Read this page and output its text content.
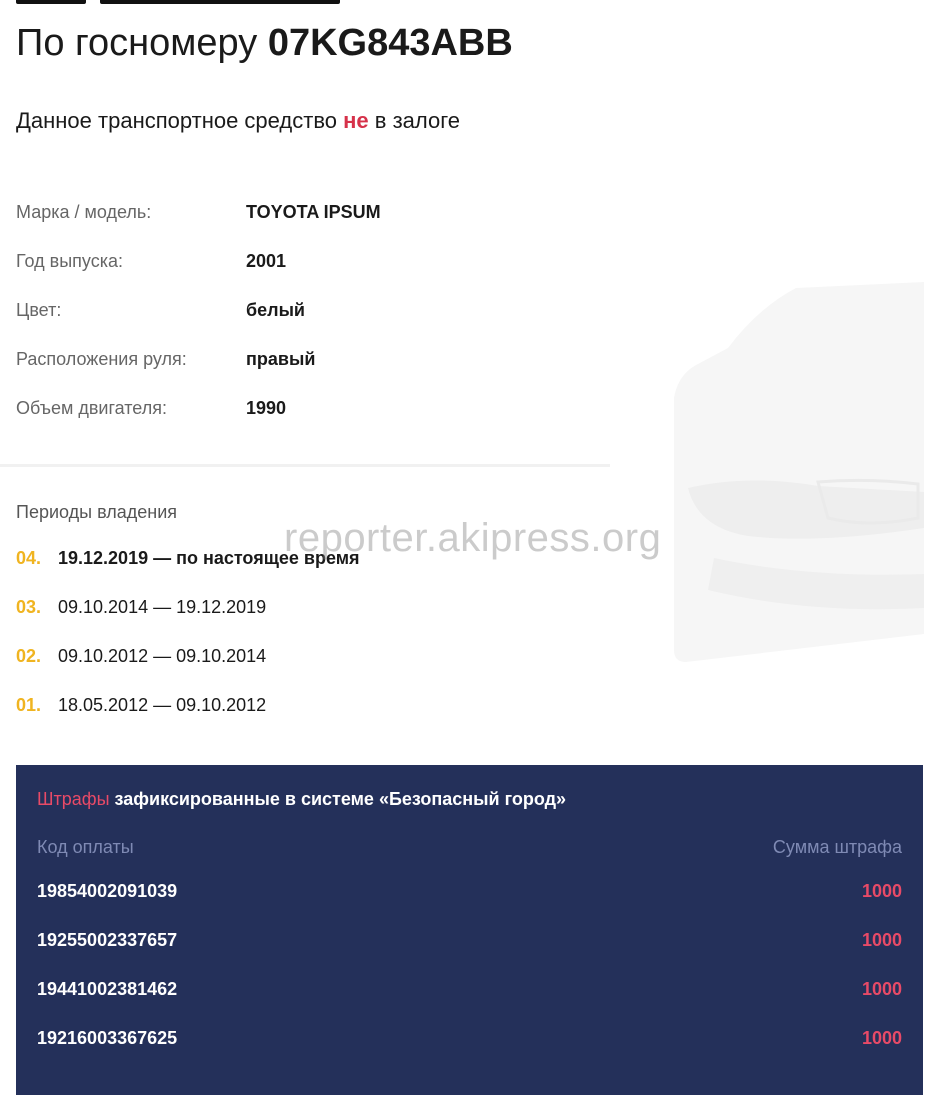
По госномеру 07KG843ABB
Данное транспортное средство не в залоге
Марка / модель:	TOYOTA IPSUM
Год выпуска:	2001
Цвет:	белый
Расположения руля:	правый
Объем двигателя:	1990
Периоды владения
04. 19.12.2019 — по настоящее время
03. 09.10.2014 — 19.12.2019
02. 09.10.2012 — 09.10.2014
01. 18.05.2012 — 09.10.2012
reporter.akipress.org
Штрафы зафиксированные в системе «Безопасный город»
Код оплаты	Сумма штрафа
19854002091039	1000
19255002337657	1000
19441002381462	1000
19216003367625	1000
